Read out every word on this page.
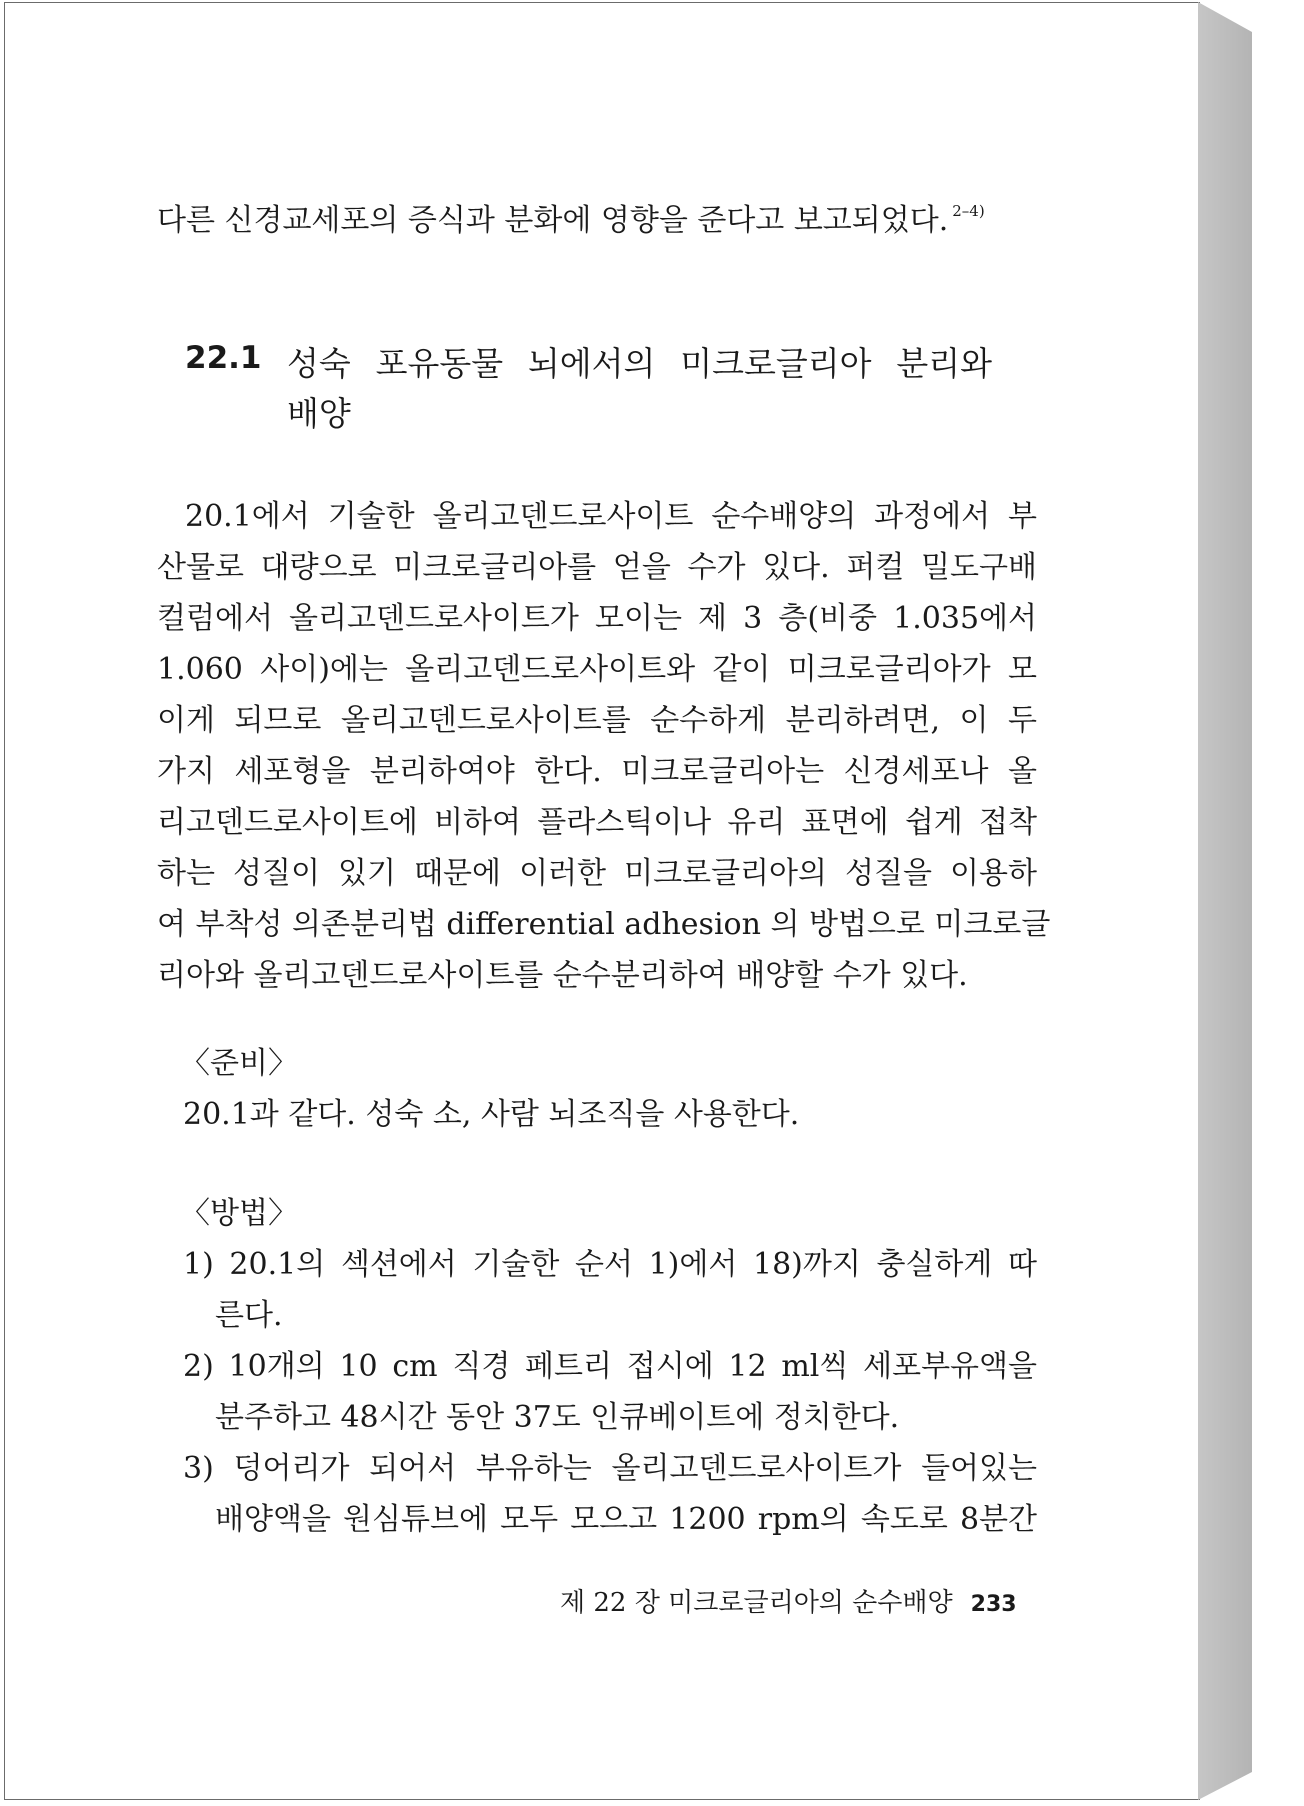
다른 신경교세포의 증식과 분화에 영향을 준다고 보고되었다. $^{2-4)}$
22.1 성숙 포유동물 뇌에서의 미크로글리아 분리와
배양
20.1에서 기술한 올리고덴드로사이트 순수배양의 과정에서 부
산물로 대량으로 미크로글리아를 얻을 수가 있다. 퍼컬 밀도구배
컬럼에서 올리고덴드로사이트가 모이는 제 3 층(비중 1.035에서
1.060 사이)에는 올리고덴드로사이트와 같이 미크로글리아가 모
이게 되므로 올리고덴드로사이트를 순수하게 분리하려면, 이 두
가지 세포형을 분리하여야 한다. 미크로글리아는 신경세포나 올
리고덴드로사이트에 비하여 플라스틱이나 유리 표면에 쉽게 접착
하는 성질이 있기 때문에 이러한 미크로글리아의 성질을 이용하
여 부착성 의존분리법 differential adhesion 의 방법으로 미크로글
리아와 올리고덴드로사이트를 순수분리하여 배양할 수가 있다.
〈준비〉
20.1과 같다. 성숙 소, 사람 뇌조직을 사용한다.
〈방법〉
1) 20.1의 섹션에서 기술한 순서 1)에서 18)까지 충실하게 따
른다.
2) 10개의 10 cm 직경 페트리 접시에 12 ml씩 세포부유액을
분주하고 48시간 동안 37도 인큐베이트에 정치한다.
3) 덩어리가 되어서 부유하는 올리고덴드로사이트가 들어있는
배양액을 원심튜브에 모두 모으고 1200 rpm의 속도로 8분간
제 22 장 미크로글리아의 순수배양 233
